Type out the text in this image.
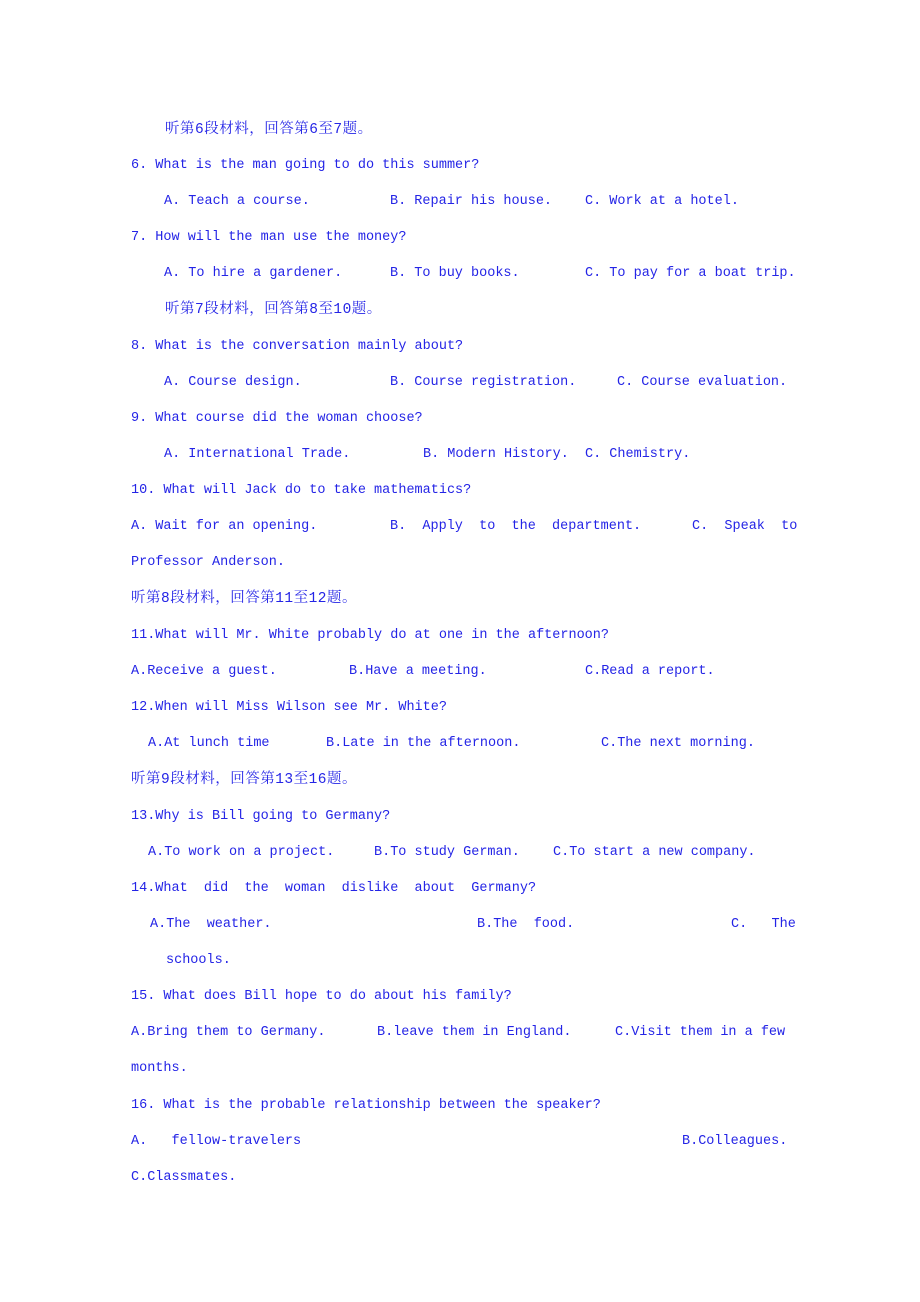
听第6段材料，回答第6至7题。
6. What is the man going to do this summer?
A. Teach a course.	B. Repair his house. C. Work at a hotel.
7. How will the man use the money?
A. To hire a gardener.	B. To buy books.	C. To pay for a boat trip.
听第7段材料，回答第8至10题。
8. What is the conversation mainly about?
A. Course design.	B. Course registration.	C. Course evaluation.
9. What course did the woman choose?
A. International Trade.	B. Modern History. C. Chemistry.
10. What will Jack do to take mathematics?
A. Wait for an opening.	B.  Apply  to  the  department.	C.  Speak  to
Professor Anderson.
听第8段材料，回答第11至12题。
11.What will Mr. White probably do at one in the afternoon?
A.Receive a guest.	B.Have a meeting.	C.Read a report.
12.When will Miss Wilson see Mr. White?
A.At lunch time	B.Late in the afternoon.	C.The next morning.
听第9段材料，回答第13至16题。
13.Why is Bill going to Germany?
A.To work on a project.	B.To study German. C.To start a new company.
14.What  did  the  woman  dislike  about  Germany?
A.The  weather.	B.The  food.	C.   The
schools.
15. What does Bill hope to do about his family?
A.Bring them to Germany.	B.leave them in England.	C.Visit them in a few
months.
16. What is the probable relationship between the speaker?
A.   fellow-travelers	B.Colleagues.
C.Classmates.
